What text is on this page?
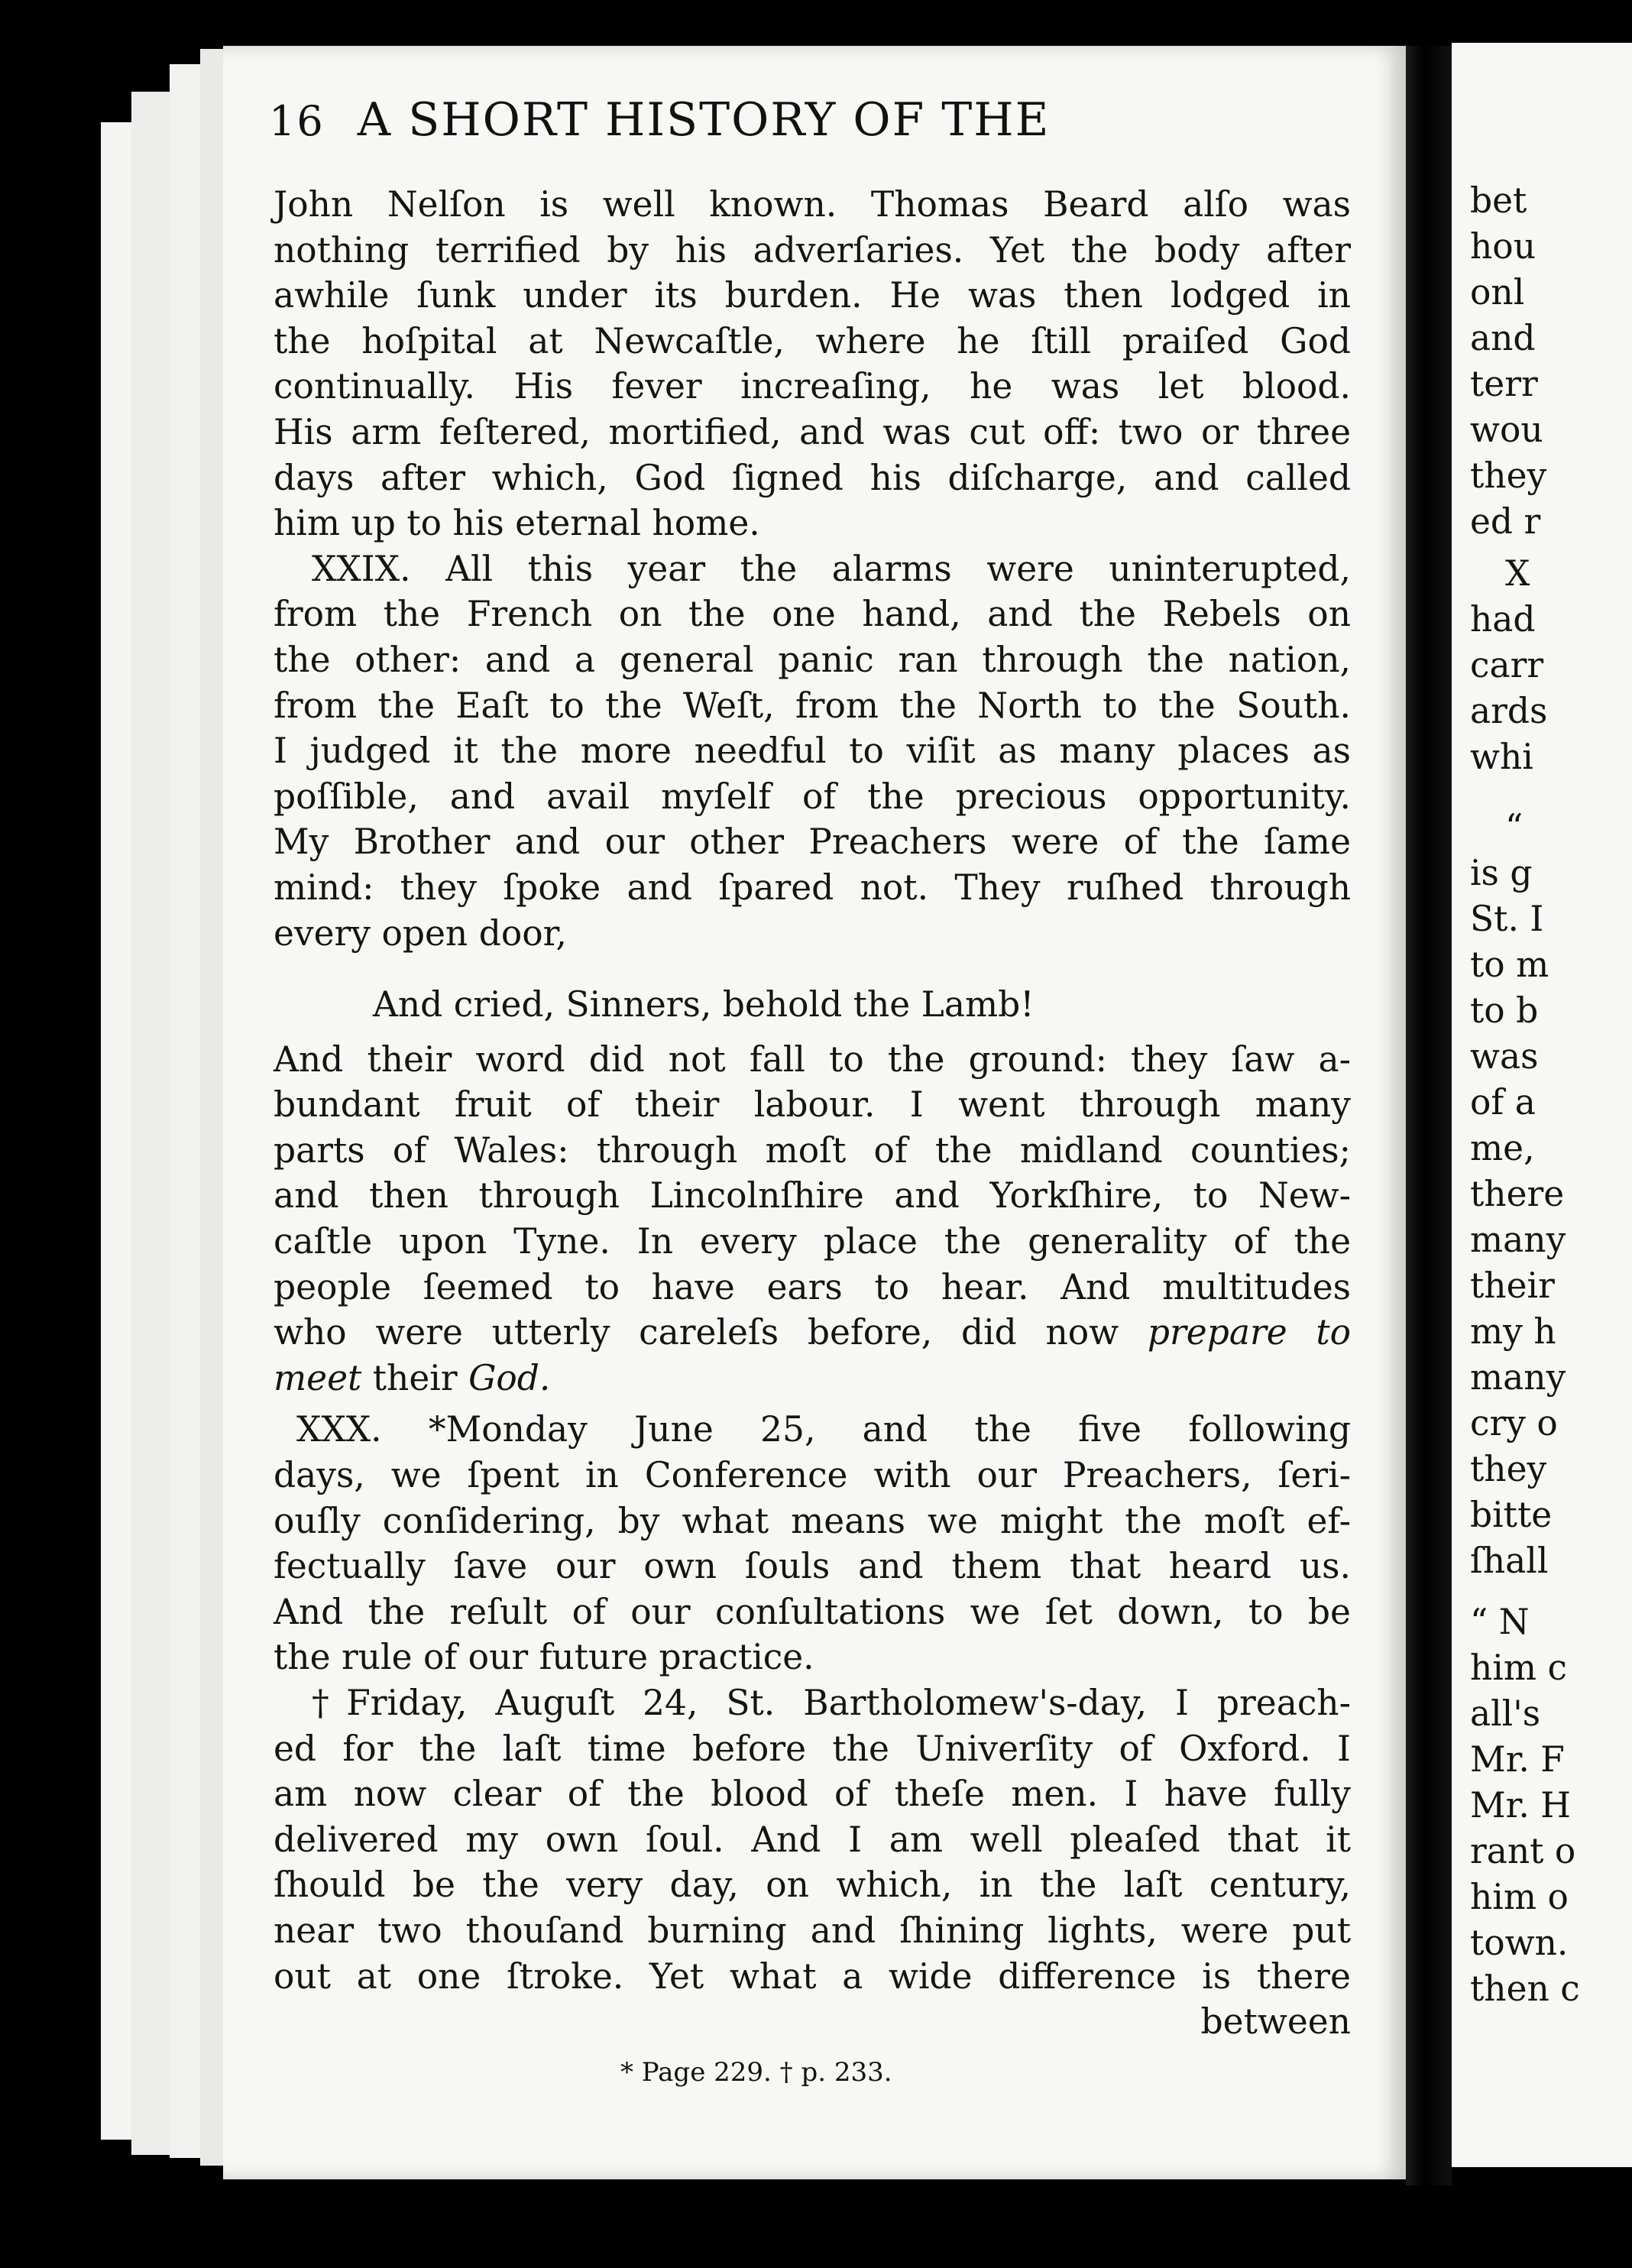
16 A SHORT HISTORY OF THE
John Nelſon is well known. Thomas Beard alſo was
nothing terrified by his adverſaries. Yet the body after
awhile ſunk under its burden. He was then lodged in
the hoſpital at Newcaſtle, where he ſtill praiſed God
continually. His fever increaſing, he was let blood.
His arm feſtered, mortified, and was cut off: two or three
days after which, God ſigned his diſcharge, and called
him up to his eternal home.
XXIX. All this year the alarms were uninterupted,
from the French on the one hand, and the Rebels on
the other: and a general panic ran through the nation,
from the Eaſt to the Weſt, from the North to the South.
I judged it the more needful to viſit as many places as
poſſible, and avail myſelf of the precious opportunity.
My Brother and our other Preachers were of the ſame
mind: they ſpoke and ſpared not. They ruſhed through
every open door,
And cried, Sinners, behold the Lamb!
And their word did not fall to the ground: they ſaw a-
bundant fruit of their labour. I went through many
parts of Wales: through moſt of the midland counties;
and then through Lincolnſhire and Yorkſhire, to New-
caſtle upon Tyne. In every place the generality of the
people ſeemed to have ears to hear. And multitudes
who were utterly careleſs before, did now prepare to
meet their God.
XXX. *Monday June 25, and the five following
days, we ſpent in Conference with our Preachers, ſeri-
ouſly conſidering, by what means we might the moſt ef-
fectually ſave our own ſouls and them that heard us.
And the reſult of our conſultations we ſet down, to be
the rule of our future practice.
†Friday, Auguſt 24, St. Bartholomew's-day, I preach-
ed for the laſt time before the Univerſity of Oxford. I
am now clear of the blood of theſe men. I have fully
delivered my own ſoul. And I am well pleaſed that it
ſhould be the very day, on which, in the laſt century,
near two thouſand burning and ſhining lights, were put
out at one ſtroke. Yet what a wide difference is there
between
* Page 229. † p. 233.
bet
hou
onl
and
terr
wou
they
ed r
X
had
carr
ards
whi
“
is g
St. I
to m
to b
was
of a
me,
there
many
their
my h
many
cry o
they
bitte
ſhall
“ N
him c
all's
Mr. F
Mr. H
rant o
him o
town.
then c
